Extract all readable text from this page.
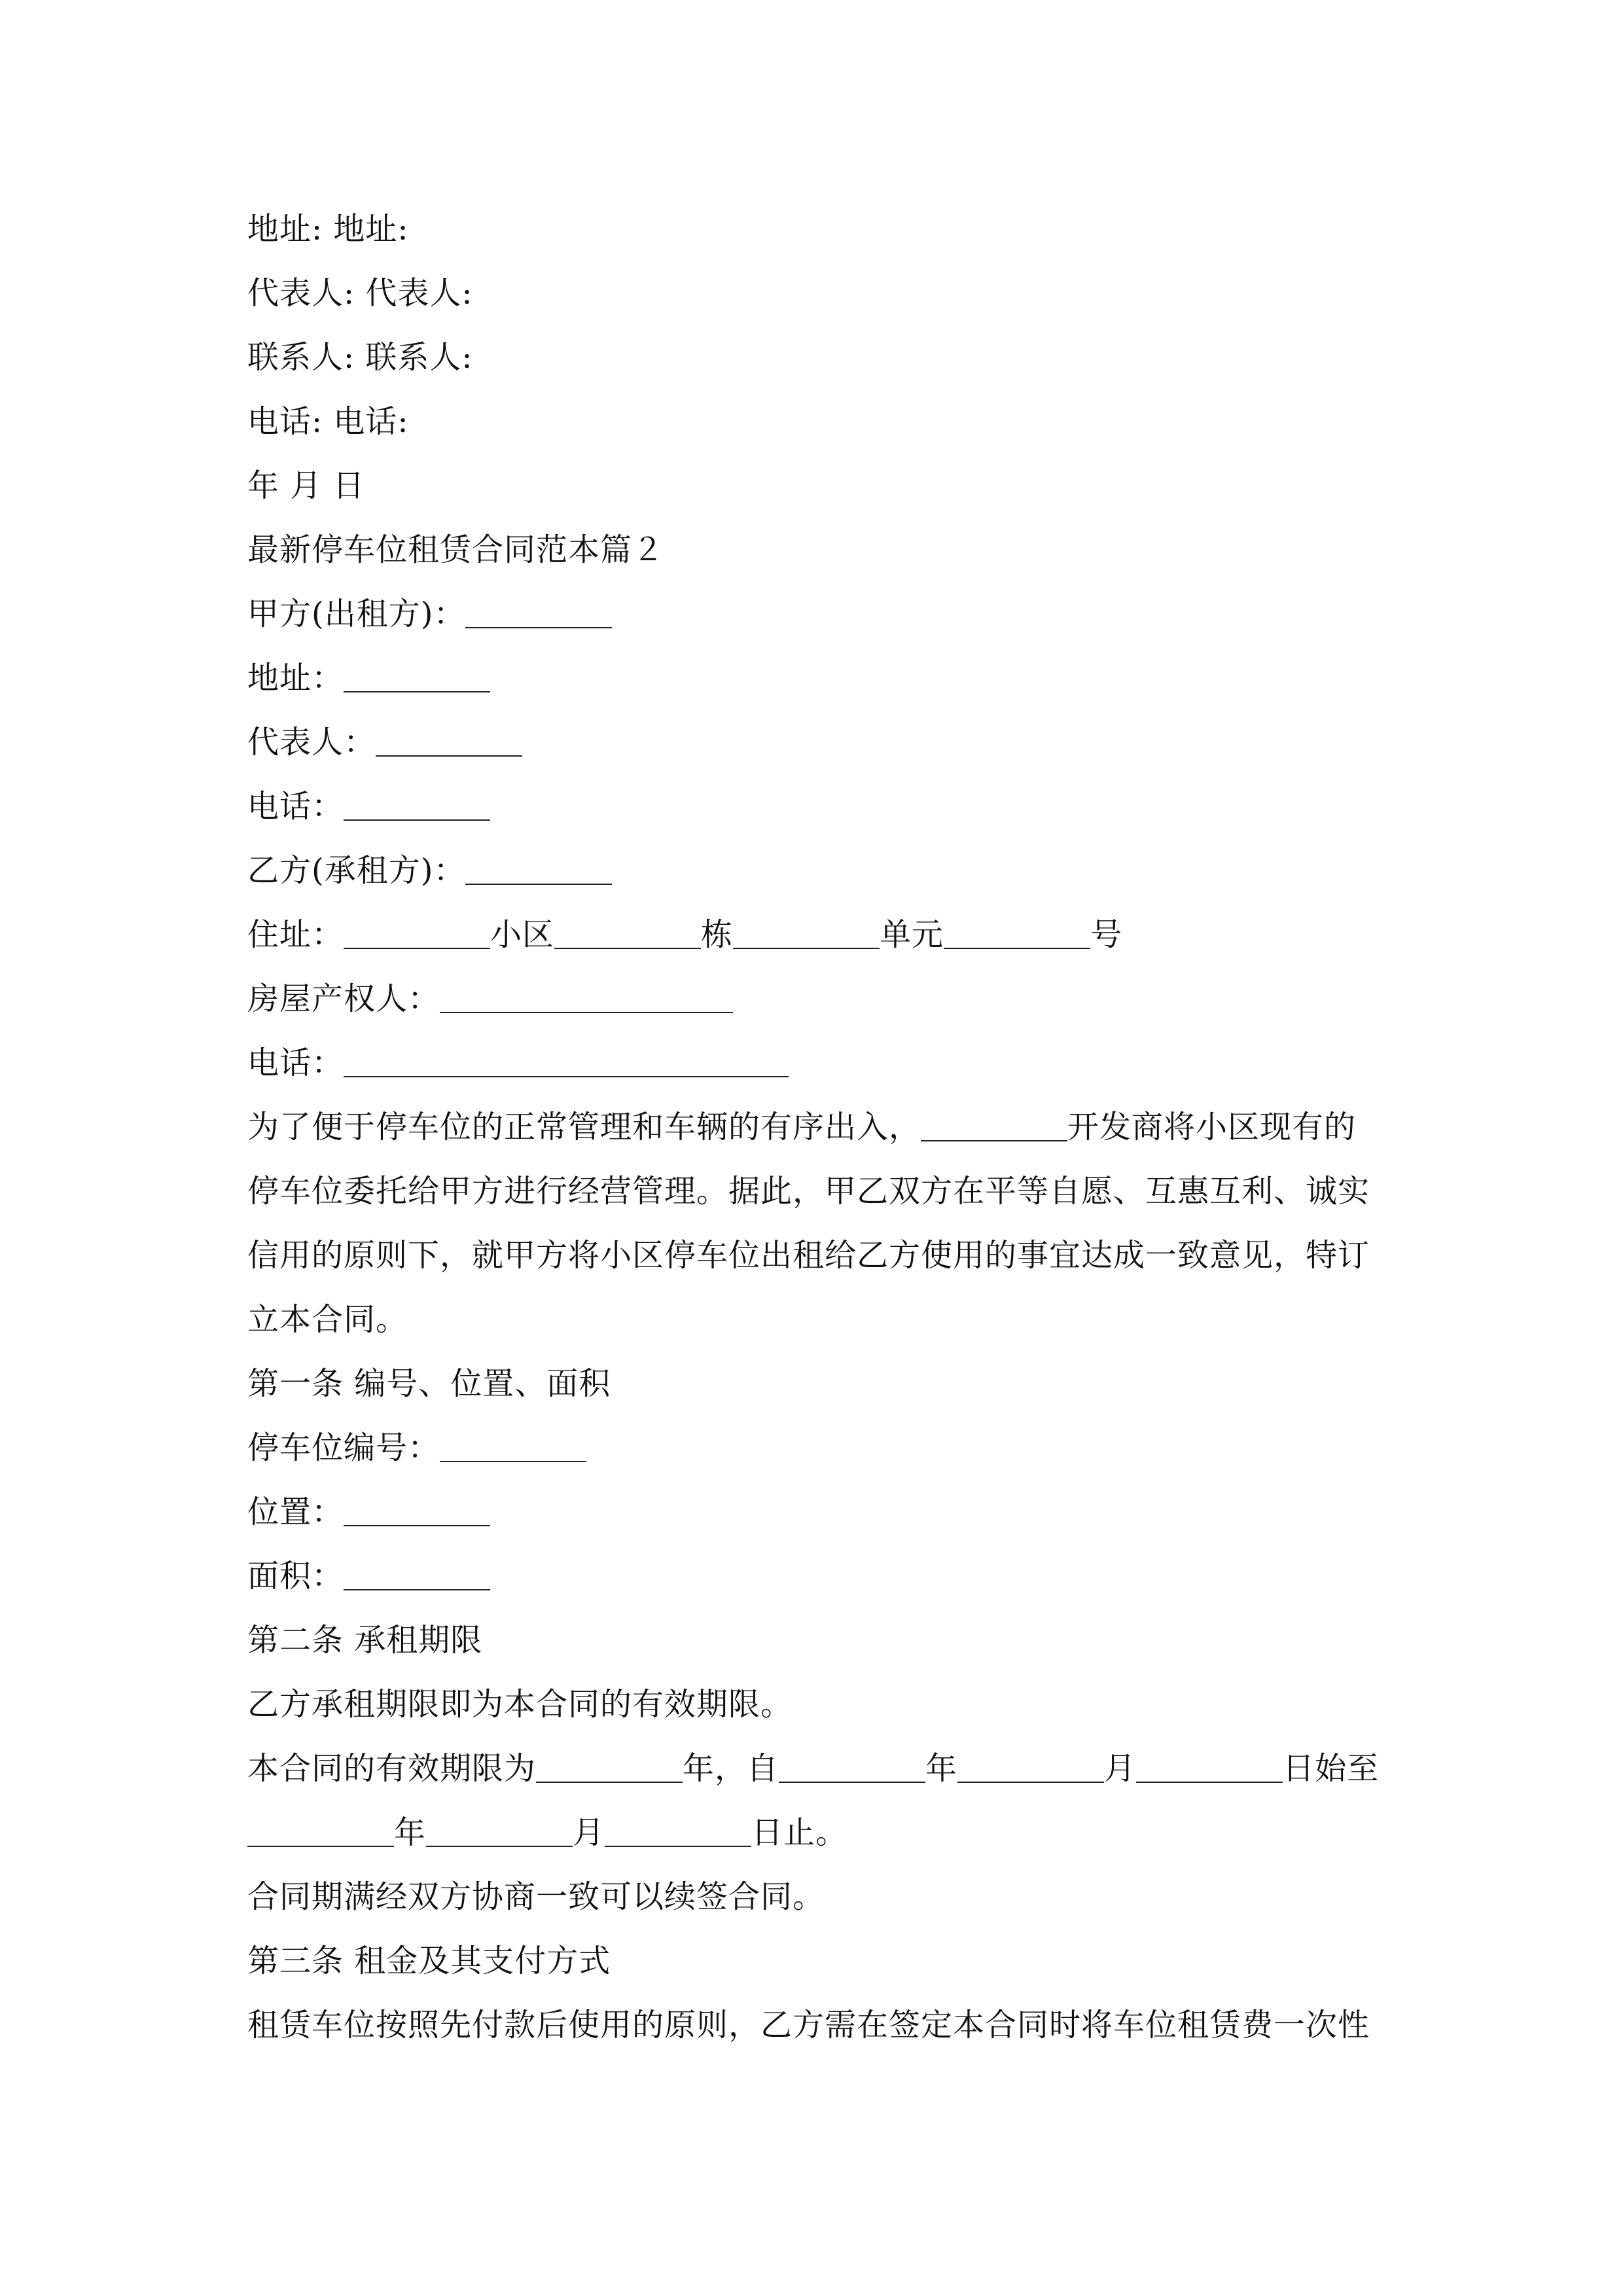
地址: 地址:
代表人: 代表人:
联系人: 联系人:
电话: 电话:
年 月 日
最新停车位租赁合同范本篇２
甲方(出租方)：
地址：
代表人：
电话：
乙方(承租方)：
住址：	小区	栋	单元	号
房屋产权人：
电话：
为了便于停车位的正常管理和车辆的有序出入，	开发商将小区现有的
停车位委托给甲方进行经营管理。据此，甲乙双方在平等自愿、互惠互利、诚实
信用的原则下，就甲方将小区停车位出租给乙方使用的事宜达成一致意见，特订
立本合同。
第一条 编号、位置、面积
停车位编号：
位置：
面积：
第二条 承租期限
乙方承租期限即为本合同的有效期限。
本合同的有效期限为	年，自	年	月	日始至
年	月	日止。
合同期满经双方协商一致可以续签合同。
第三条 租金及其支付方式
租赁车位按照先付款后使用的原则，乙方需在签定本合同时将车位租赁费一次性
